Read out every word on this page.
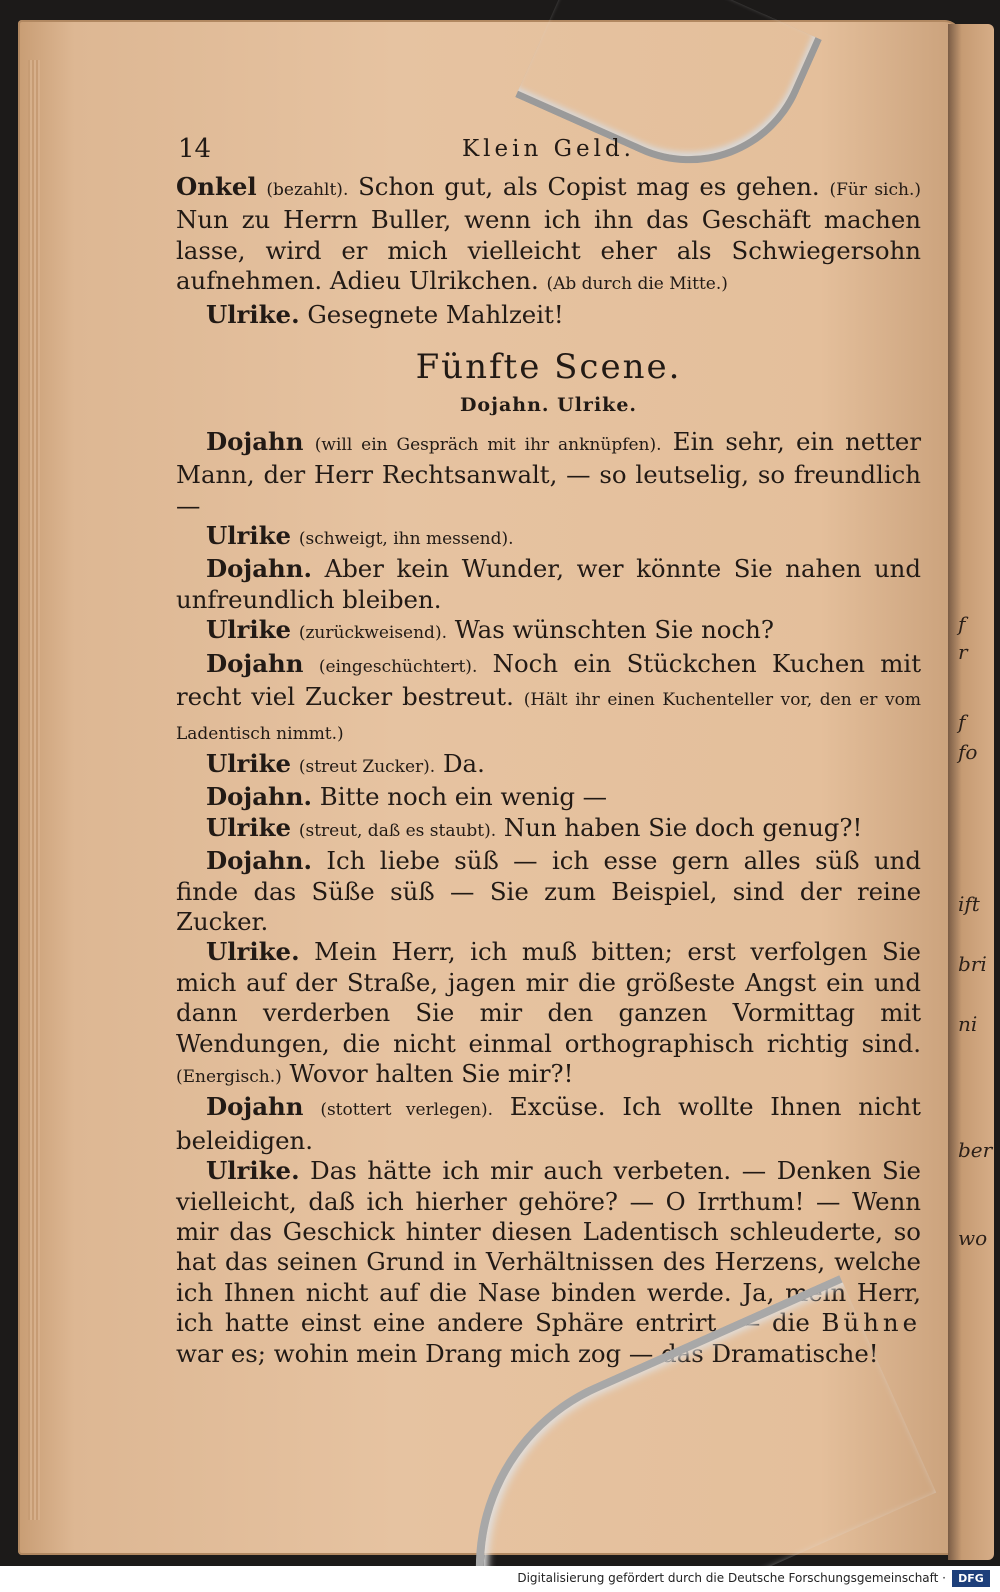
f
r
f
fo
ift
bri
ni
ber
wo
14	Klein Geld.

Onkel (bezahlt). Schon gut, als Copist mag es gehen. (Für sich.) Nun zu Herrn Buller, wenn ich ihn das Geschäft machen lasse, wird er mich vielleicht eher als Schwiegersohn aufnehmen. Adieu Ulrikchen. (Ab durch die Mitte.)

Ulrike. Gesegnete Mahlzeit!

Fünfte Scene.
Dojahn. Ulrike.

Dojahn (will ein Gespräch mit ihr anknüpfen). Ein sehr, ein netter Mann, der Herr Rechtsanwalt, — so leutselig, so freundlich —

Ulrike (schweigt, ihn messend).

Dojahn. Aber kein Wunder, wer könnte Sie nahen und unfreundlich bleiben.

Ulrike (zurückweisend). Was wünschten Sie noch?

Dojahn (eingeschüchtert). Noch ein Stückchen Kuchen mit recht viel Zucker bestreut. (Hält ihr einen Kuchenteller vor, den er vom Ladentisch nimmt.)

Ulrike (streut Zucker). Da.

Dojahn. Bitte noch ein wenig —

Ulrike (streut, daß es staubt). Nun haben Sie doch genug?!

Dojahn. Ich liebe süß — ich esse gern alles süß und finde das Süße süß — Sie zum Beispiel, sind der reine Zucker.

Ulrike. Mein Herr, ich muß bitten; erst verfolgen Sie mich auf der Straße, jagen mir die größeste Angst ein und dann verderben Sie mir den ganzen Vormittag mit Wendungen, die nicht einmal orthographisch richtig sind. (Energisch.) Wovor halten Sie mir?!

Dojahn (stottert verlegen). Excüse. Ich wollte Ihnen nicht beleidigen.

Ulrike. Das hätte ich mir auch verbeten. — Denken Sie vielleicht, daß ich hierher gehöre? — O Irrthum! — Wenn mir das Geschick hinter diesen Ladentisch schleuderte, so hat das seinen Grund in Verhältnissen des Herzens, welche ich Ihnen nicht auf die Nase binden werde. Ja, mein Herr, ich hatte einst eine andere Sphäre entrirt, — die Bühne war es; wohin mein Drang mich zog — das Dramatische!

Digitalisierung gefördert durch die Deutsche Forschungsgemeinschaft ·	DFG
